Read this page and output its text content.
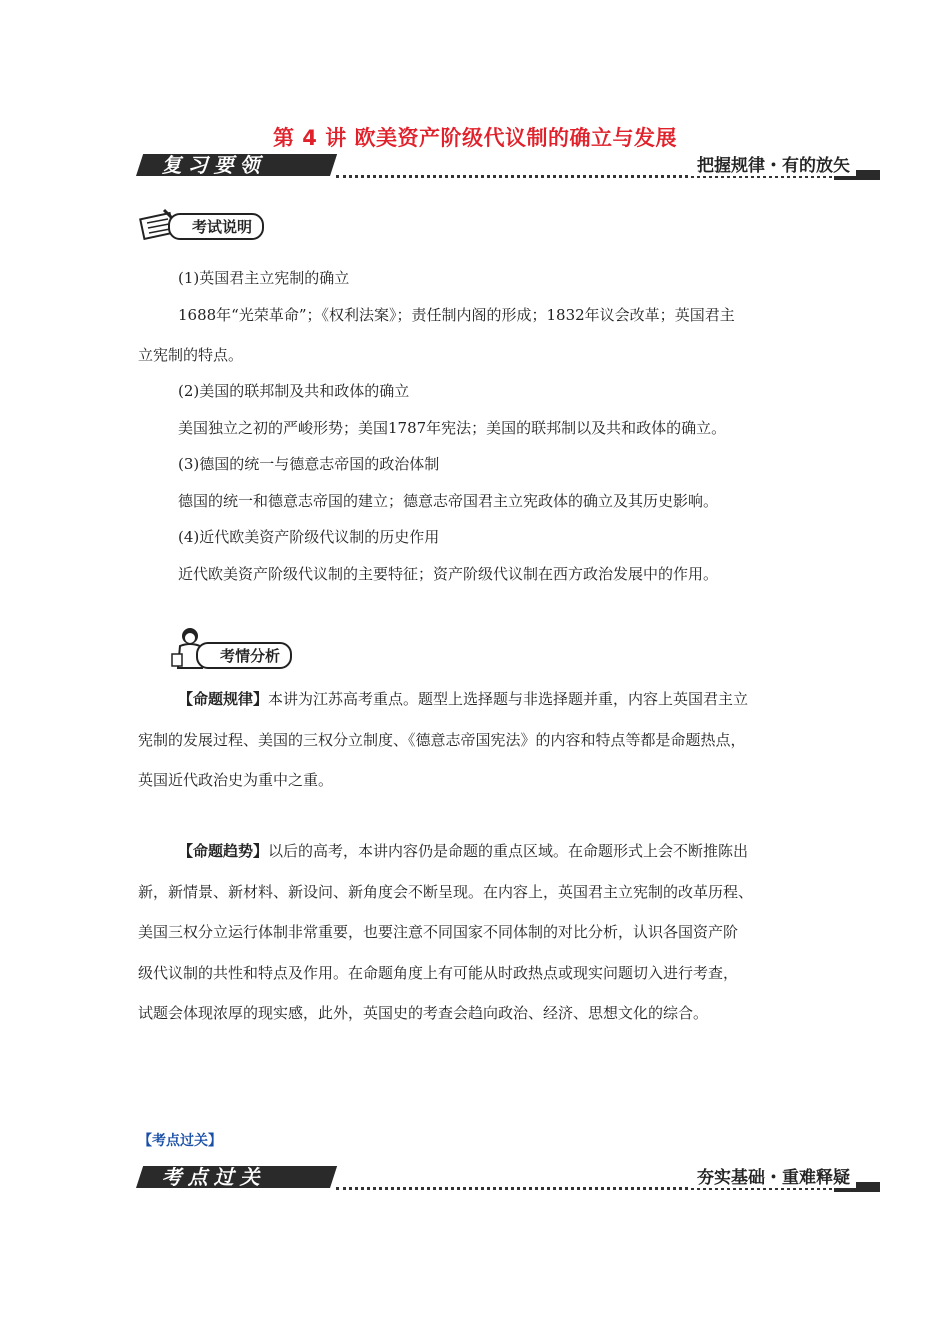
第 4 讲 欧美资产阶级代议制的确立与发展
复习要领	把握规律・有的放矢
考试说明
(1)英国君主立宪制的确立
1688年“光荣革命”；《权利法案》；责任制内阁的形成；1832年议会改革；英国君主
立宪制的特点。
(2)美国的联邦制及共和政体的确立
美国独立之初的严峻形势；美国1787年宪法；美国的联邦制以及共和政体的确立。
(3)德国的统一与德意志帝国的政治体制
德国的统一和德意志帝国的建立；德意志帝国君主立宪政体的确立及其历史影响。
(4)近代欧美资产阶级代议制的历史作用
近代欧美资产阶级代议制的主要特征；资产阶级代议制在西方政治发展中的作用。
考情分析
【命题规律】本讲为江苏高考重点。题型上选择题与非选择题并重，内容上英国君主立
宪制的发展过程、美国的三权分立制度、《德意志帝国宪法》的内容和特点等都是命题热点，
英国近代政治史为重中之重。
【命题趋势】以后的高考，本讲内容仍是命题的重点区域。在命题形式上会不断推陈出
新，新情景、新材料、新设问、新角度会不断呈现。在内容上，英国君主立宪制的改革历程、
美国三权分立运行体制非常重要，也要注意不同国家不同体制的对比分析，认识各国资产阶
级代议制的共性和特点及作用。在命题角度上有可能从时政热点或现实问题切入进行考查，
试题会体现浓厚的现实感，此外，英国史的考查会趋向政治、经济、思想文化的综合。
【考点过关】
考点过关	夯实基础・重难释疑
